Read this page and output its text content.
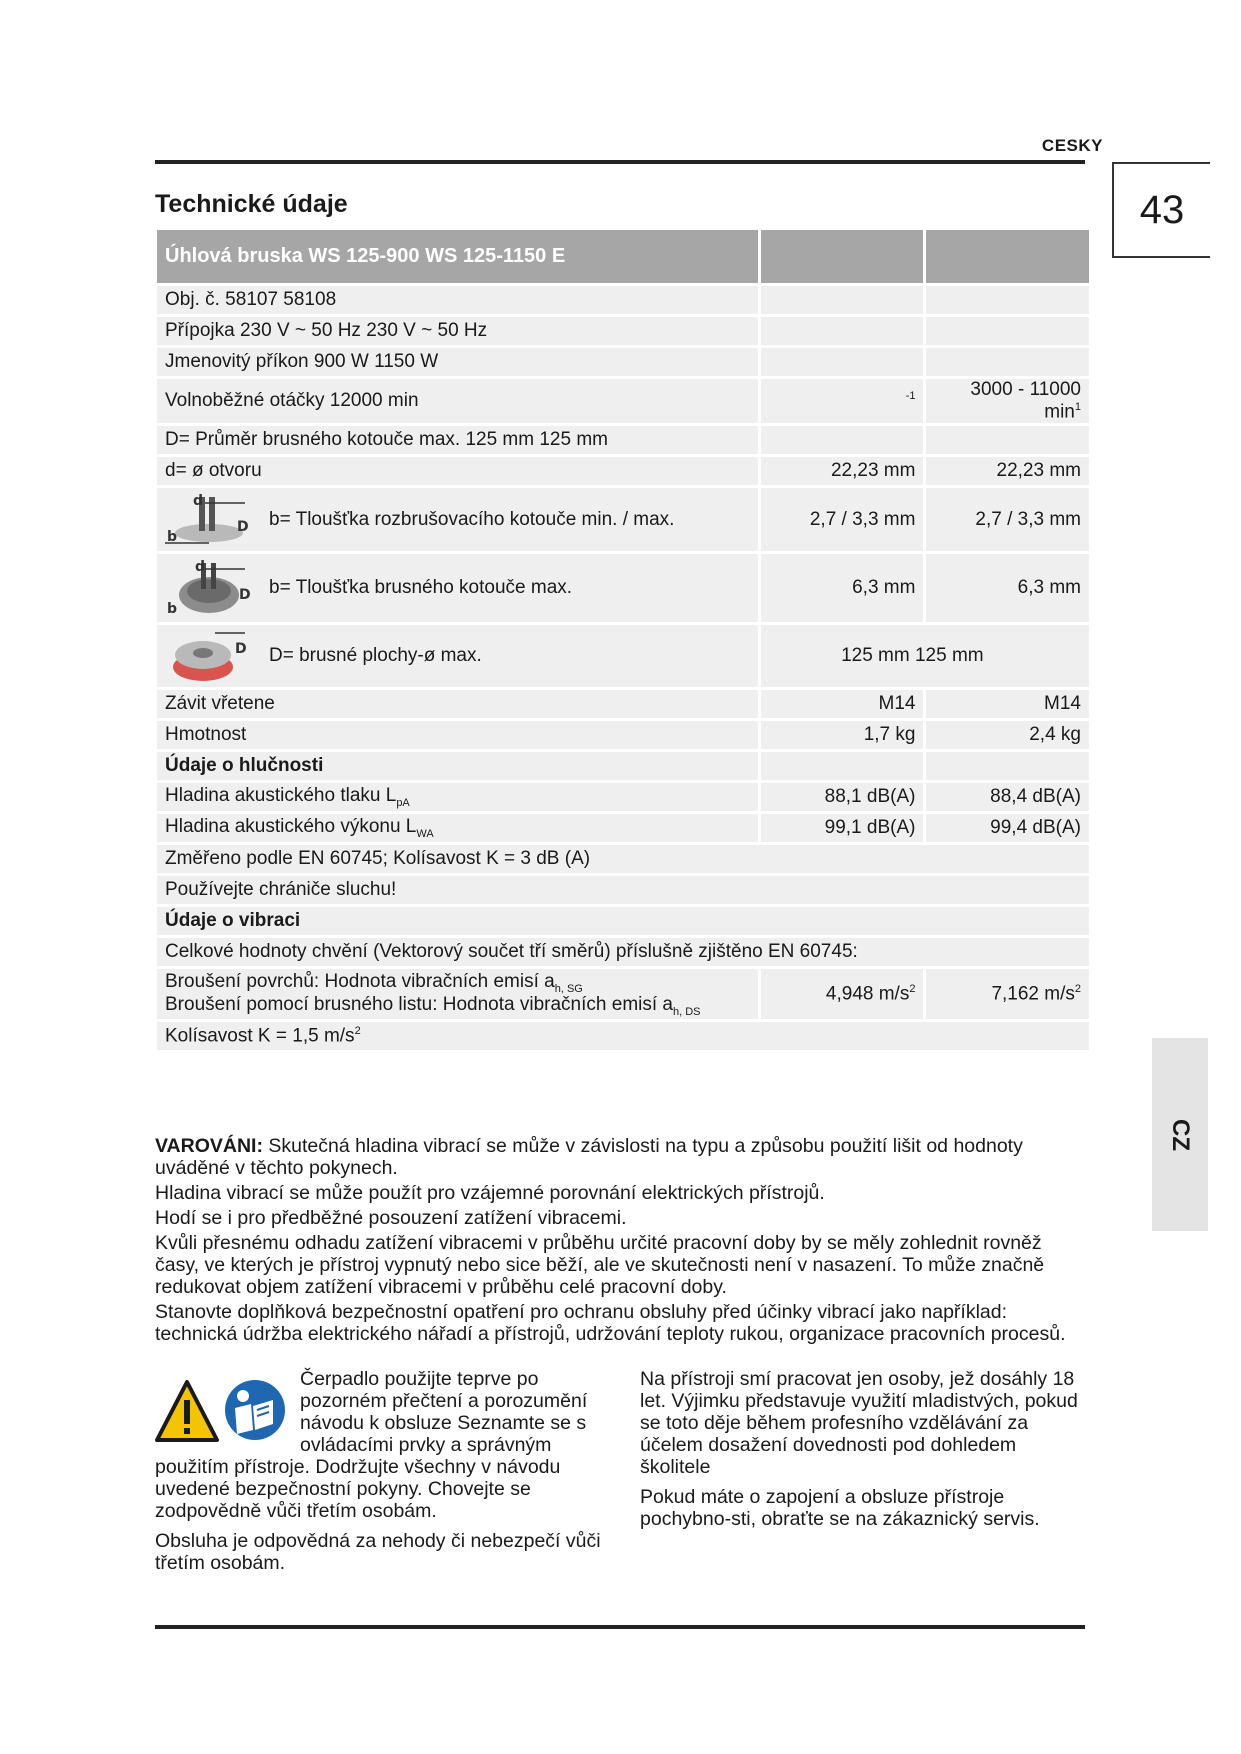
CESKY
43
Technické údaje
Úhlová bruska WS 125-900 WS 125-1150 E		
Obj. č. 58107 58108		
Přípojka 230 V ~ 50 Hz 230 V ~ 50 Hz		
Jmenovitý příkon 900 W 1150 W		
Volnoběžné otáčky 12000 min	$^{-1}$	3000 - 11000 $\min^1$
D= Průměr brusného kotouče max. 125 mm 125 mm		
d= ø otvoru	22,23 mm	22,23 mm

d
D
b
b= Tloušťka rozbrušovacího kotouče min. / max.	2,7 / 3,3 mm	2,7 / 3,3 mm

d
D
b
b= Tloušťka brusného kotouče max.	6,3 mm	6,3 mm

D D= brusné plochy-ø max.	125 mm 125 mm	
Závit vřetene	M14	M14
Hmotnost	1,7 kg	2,4 kg
Údaje o hlučnosti		
Hladina akustického tlaku $L_{pA}$	88,1 dB(A)	88,4 dB(A)
Hladina akustického výkonu $L_{WA}$	99,1 dB(A)	99,4 dB(A)
Změřeno podle EN 60745; Kolísavost K = 3 dB (A)		
Používejte chrániče sluchu!		
Údaje o vibraci		
Celkové hodnoty chvění (Vektorový součet tří směrů) příslušně zjištěno EN 60745:		

Broušení povrchů: Hodnota vibračních emisí $a_{h, SG}$
Broušení pomocí brusného listu: Hodnota vibračních emisí $a_{h, DS}$	4,948 $m/s^2$	7,162 $m/s^2$
Kolísavost K = 1,5 $m/s^2$

VAROVÁNI: Skutečná hladina vibrací se může v závislosti na typu a způsobu použití lišit od hodnoty uváděné v těchto pokynech.

Hladina vibrací se může použít pro vzájemné porovnání elektrických přístrojů.

Hodí se i pro předběžné posouzení zatížení vibracemi.

Kvůli přesnému odhadu zatížení vibracemi v průběhu určité pracovní doby by se měly zohlednit rovněž časy, ve kterých je přístroj vypnutý nebo sice běží, ale ve skutečnosti není v nasazení. To může značně redukovat objem zatížení vibracemi v průběhu celé pracovní doby.

Stanovte doplňková bezpečnostní opatření pro ochranu obsluhy před účinky vibrací jako například: technická údržba elektrického nářadí a přístrojů, udržování teploty rukou, organizace pracovních procesů.

Čerpadlo použijte teprve po pozorném přečtení a porozumění návodu k obsluze Seznamte se s ovládacími prvky a správným použitím přístroje. Dodržujte všechny v návodu uvedené bezpečnostní pokyny. Chovejte se zodpovědně vůči třetím osobám.

Obsluha je odpovědná za nehody či nebezpečí vůči třetím osobám.

Na přístroji smí pracovat jen osoby, jež dosáhly 18 let. Výjimku představuje využití mladistvých, pokud se toto děje během profesního vzdělávání za účelem dosažení dovednosti pod dohledem školitele

Pokud máte o zapojení a obsluze přístroje pochybno-sti, obraťte se na zákaznický servis.

CZ
